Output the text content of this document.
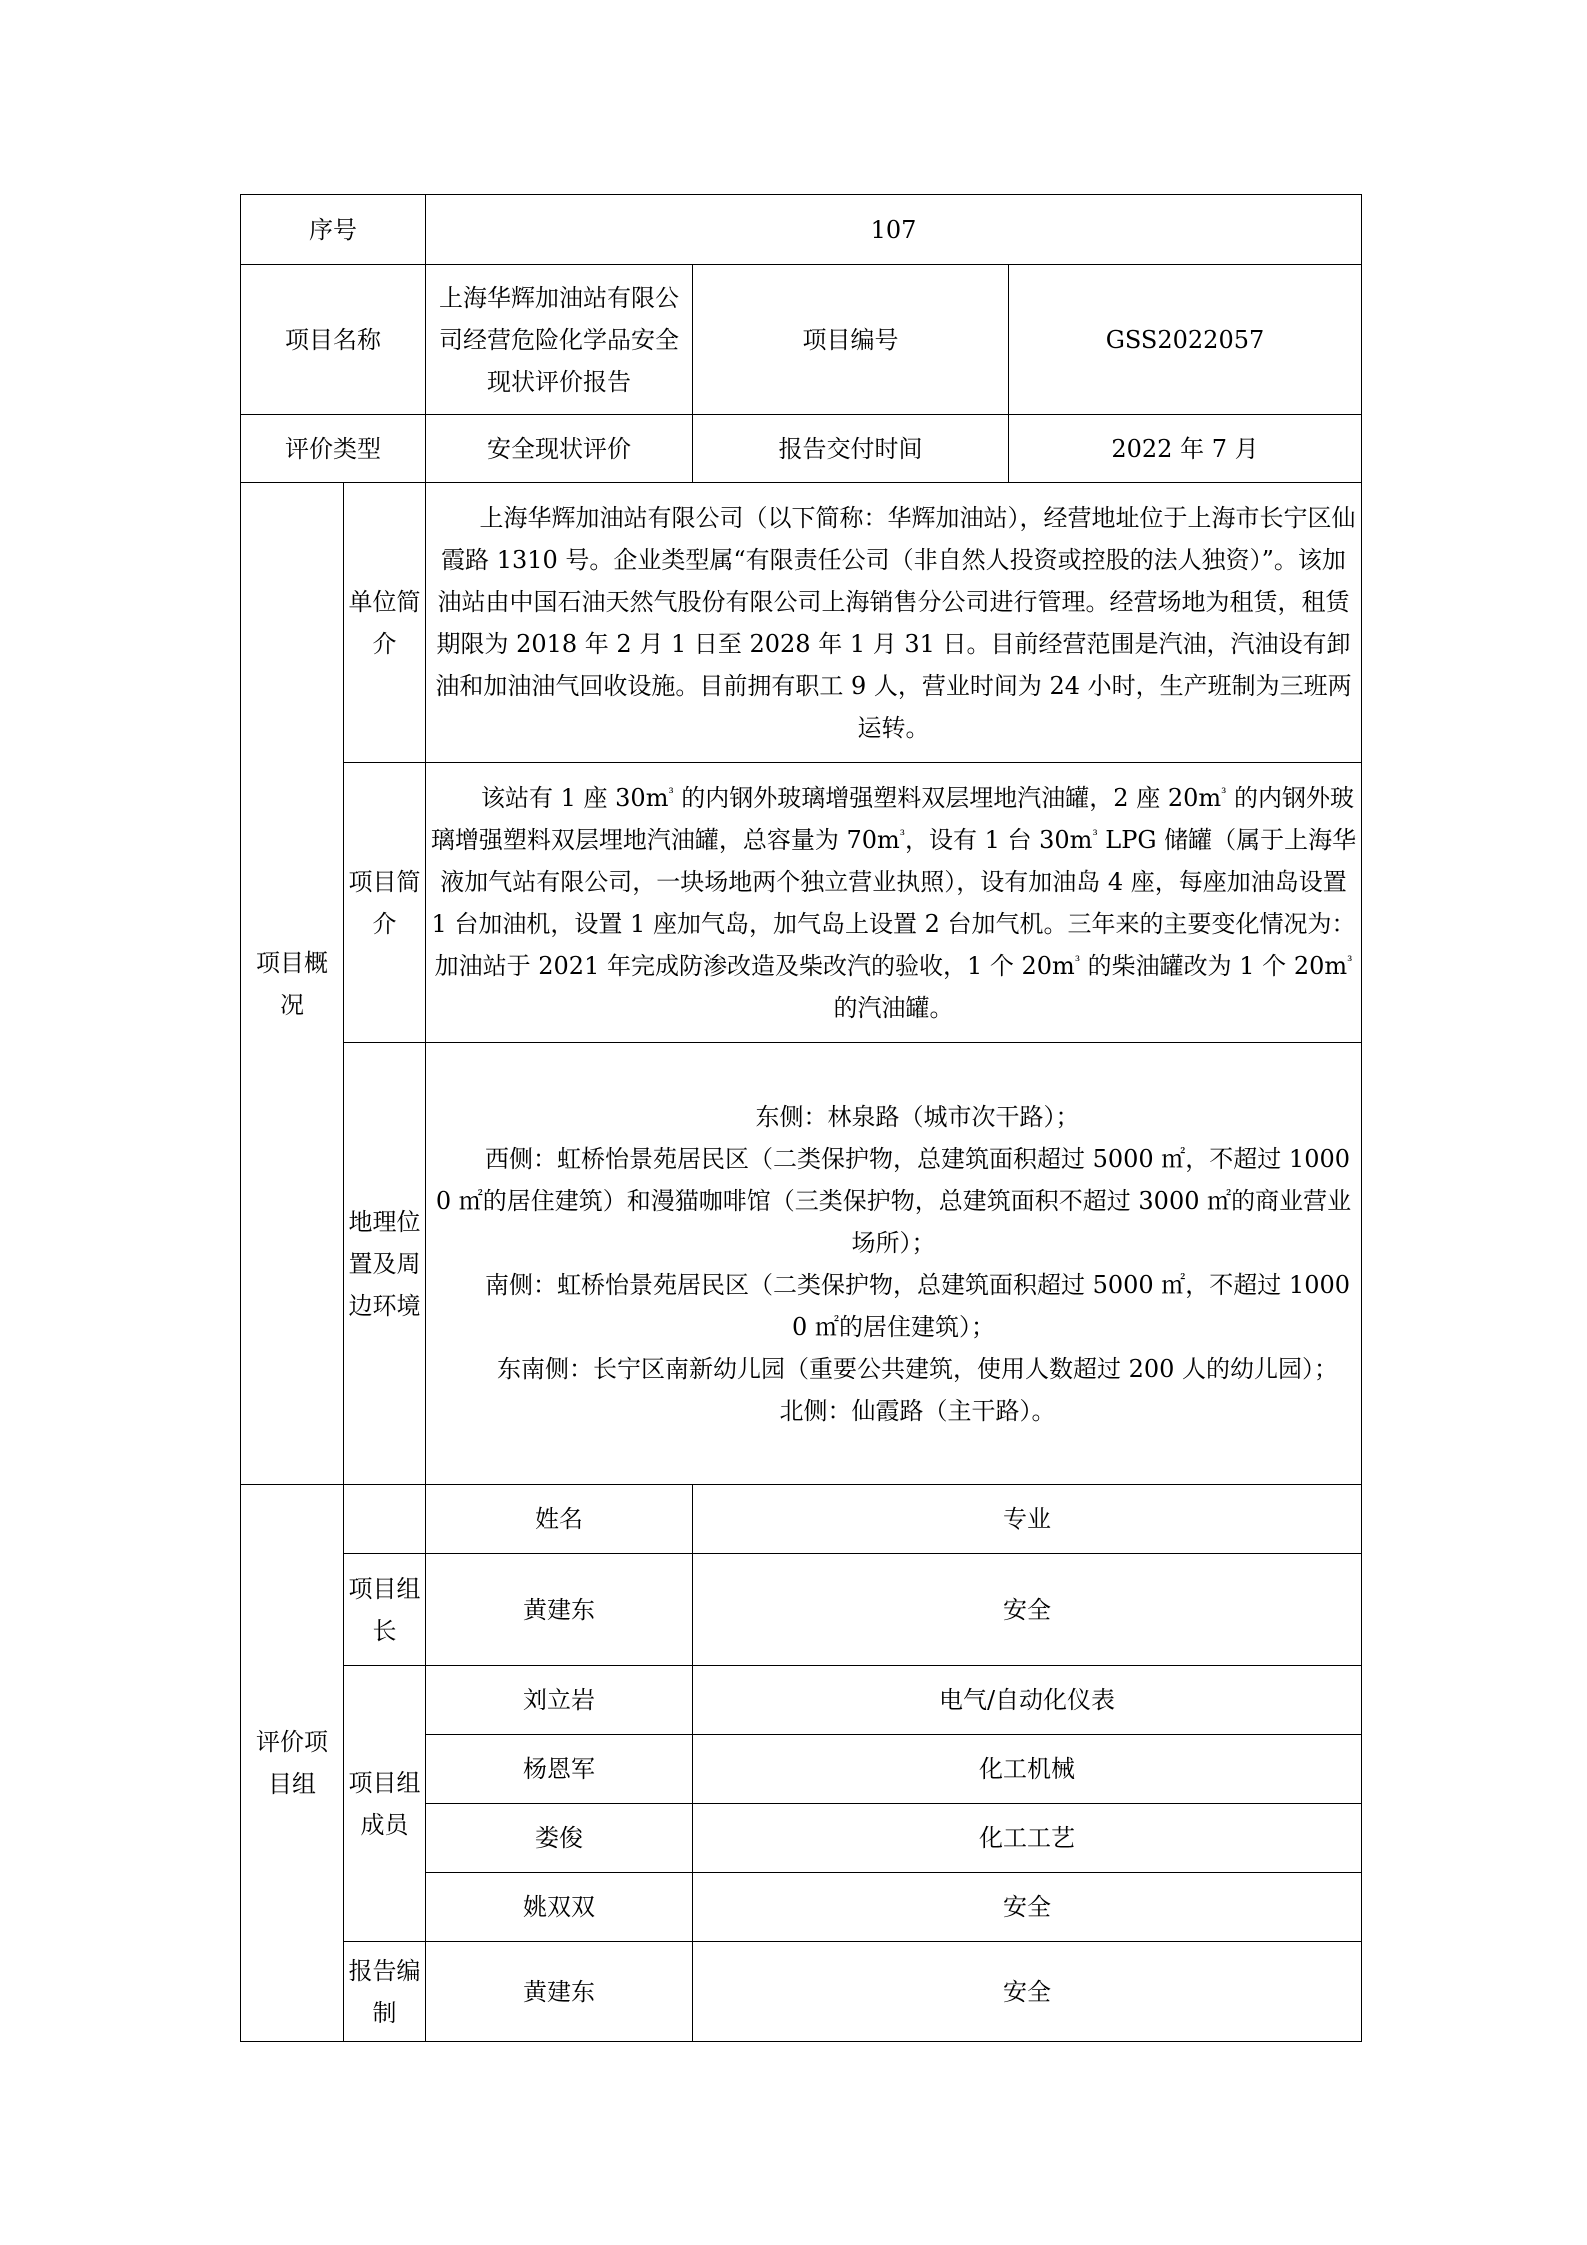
序号		107		
项目名称		上海华辉加油站有限公司经营危险化学品安全现状评价报告	项目编号	GSS2022057
评价类型		安全现状评价	报告交付时间	2022 年 7 月
项目概况	单位简介	上海华辉加油站有限公司（以下简称：华辉加油站），经营地址位于上海市长宁区仙霞路 1310 号。企业类型属“有限责任公司（非自然人投资或控股的法人独资）”。该加油站由中国石油天然气股份有限公司上海销售分公司进行管理。经营场地为租赁，租赁期限为 2018 年 2 月 1 日至 2028 年 1 月 31 日。目前经营范围是汽油，汽油设有卸油和加油油气回收设施。目前拥有职工 9 人，营业时间为 24 小时，生产班制为三班两运转。		
	项目简介	该站有 1 座 $30m^{^3}$ 的内钢外玻璃增强塑料双层埋地汽油罐，2 座 $20m^{^3}$ 的内钢外玻璃增强塑料双层埋地汽油罐，总容量为 $70m^{^3}$，设有 1 台 $30m^{^3}$ LPG 储罐（属于上海华液加气站有限公司，一块场地两个独立营业执照），设有加油岛 4 座，每座加油岛设置 1 台加油机，设置 1 座加气岛，加气岛上设置 2 台加气机。三年来的主要变化情况为：加油站于 2021 年完成防渗改造及柴改汽的验收，1 个 $20m^{^3}$ 的柴油罐改为 1 个 $20m^{^3}$ 的汽油罐。		
	地理位置及周边环境	东侧：林泉路（城市次干路）；
西侧：虹桥怡景苑居民区（二类保护物，总建筑面积超过 5000 ㎡，不超过 10000 ㎡的居住建筑）和漫猫咖啡馆（三类保护物，总建筑面积不超过 3000 ㎡的商业营业场所）；
南侧：虹桥怡景苑居民区（二类保护物，总建筑面积超过 5000 ㎡，不超过 10000 ㎡的居住建筑）；
东南侧：长宁区南新幼儿园（重要公共建筑，使用人数超过 200 人的幼儿园）；
北侧：仙霞路（主干路）。		

评价项目组		姓名	专业	
	项目组长	黄建东	安全	
	项目组成员	刘立岩	电气/自动化仪表	
		杨恩军	化工机械	
		娄俊	化工工艺	
		姚双双	安全	
	报告编制	黄建东	安全	
